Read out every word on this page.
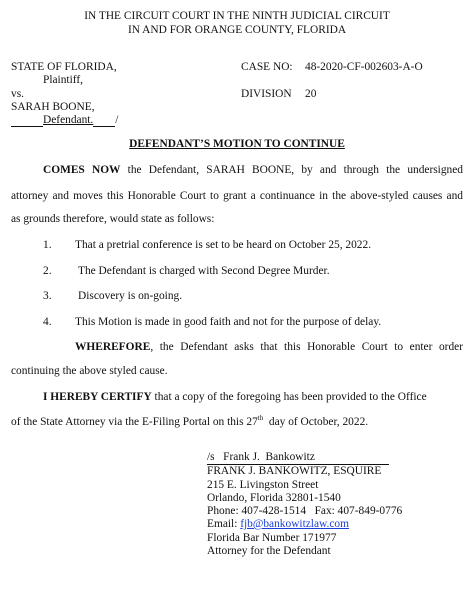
IN THE CIRCUIT COURT IN THE NINTH JUDICIAL CIRCUIT
IN AND FOR ORANGE COUNTY, FLORIDA
STATE OF FLORIDA,
Plaintiff,
vs.
SARAH BOONE,
Defendant. /
CASE NO: 48-2020-CF-002603-A-O
DIVISION 20
DEFENDANT’S MOTION TO CONTINUE
COMES NOW the Defendant, SARAH BOONE, by and through the undersigned
attorney and moves this Honorable Court to grant a continuance in the above-styled causes and
as grounds therefore, would state as follows:
1. That a pretrial conference is set to be heard on October 25, 2022.
2. The Defendant is charged with Second Degree Murder.
3. Discovery is on-going.
4. This Motion is made in good faith and not for the purpose of delay.
WHEREFORE, the Defendant asks that this Honorable Court to enter order
continuing the above styled cause.
I HEREBY CERTIFY that a copy of the foregoing has been provided to the Office
of the State Attorney via the E-Filing Portal on this 27th  day of October, 2022.
/s   Frank J.  Bankowitz
FRANK J. BANKOWITZ, ESQUIRE
215 E. Livingston Street
Orlando, Florida 32801-1540
Phone: 407-428-1514   Fax: 407-849-0776
Email: fjb@bankowitzlaw.com
Florida Bar Number 171977
Attorney for the Defendant
